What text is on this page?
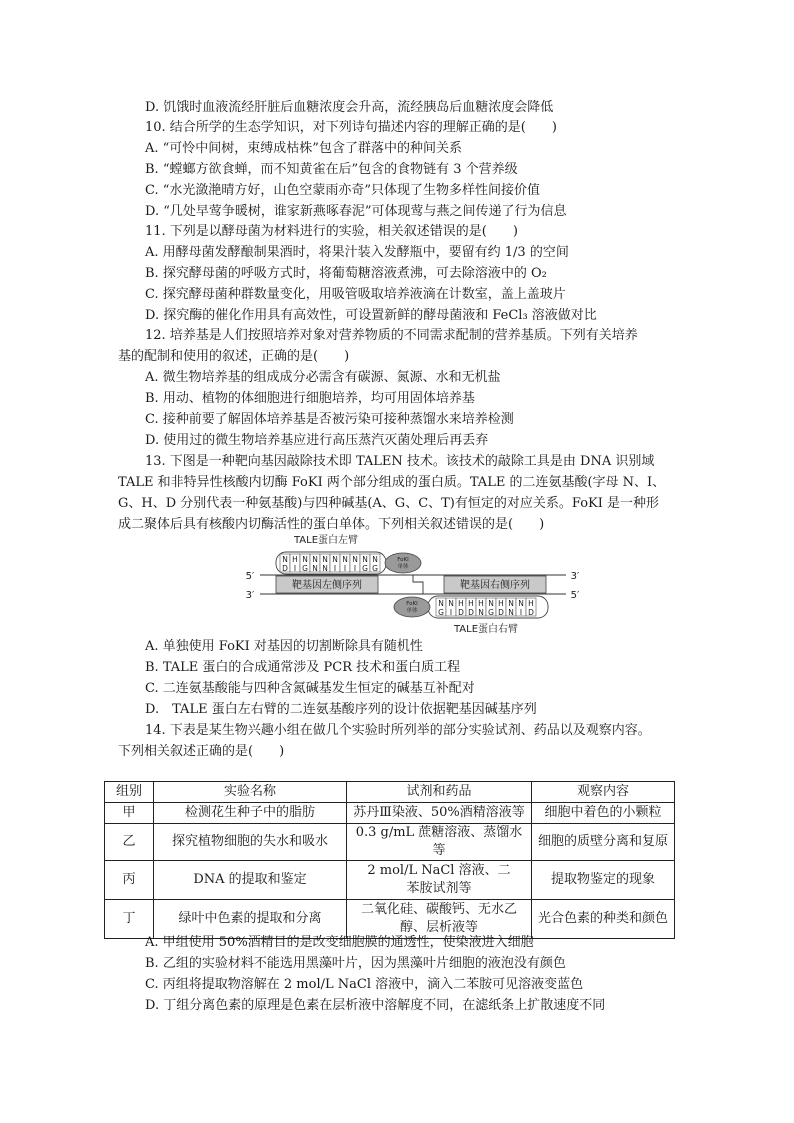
D. 饥饿时血液流经肝脏后血糖浓度会升高，流经胰岛后血糖浓度会降低
10. 结合所学的生态学知识，对下列诗句描述内容的理解正确的是(　　)
A. “可怜中间树，束缚成枯株”包含了群落中的种间关系
B. “螳螂方欲食蝉，而不知黄雀在后”包含的食物链有 3 个营养级
C. “水光潋滟晴方好，山色空蒙雨亦奇”只体现了生物多样性间接价值
D. “几处早莺争暖树，谁家新燕啄春泥”可体现莺与燕之间传递了行为信息
11. 下列是以酵母菌为材料进行的实验，相关叙述错误的是(　　)
A. 用酵母菌发酵酿制果酒时，将果汁装入发酵瓶中，要留有约 1/3 的空间
B. 探究酵母菌的呼吸方式时，将葡萄糖溶液煮沸，可去除溶液中的 O₂
C. 探究酵母菌种群数量变化，用吸管吸取培养液滴在计数室，盖上盖玻片
D. 探究酶的催化作用具有高效性，可设置新鲜的酵母菌液和 FeCl₃ 溶液做对比
12. 培养基是人们按照培养对象对营养物质的不同需求配制的营养基质。下列有关培养
基的配制和使用的叙述，正确的是(　　)
A. 微生物培养基的组成成分必需含有碳源、氮源、水和无机盐
B. 用动、植物的体细胞进行细胞培养，均可用固体培养基
C. 接种前要了解固体培养基是否被污染可接种蒸馏水来培养检测
D. 使用过的微生物培养基应进行高压蒸汽灭菌处理后再丢弃
13. 下图是一种靶向基因敲除技术即 TALEN 技术。该技术的敲除工具是由 DNA 识别域
TALE 和非特异性核酸内切酶 FoKI 两个部分组成的蛋白质。TALE 的二连氨基酸(字母 N、I、
G、H、D 分别代表一种氨基酸)与四种碱基(A、G、C、T)有恒定的对应关系。FoKI 是一种形
成二聚体后具有核酸内切酶活性的蛋白单体。下列相关叙述错误的是(　　)
TALE蛋白左臂
TALE蛋白右臂
N
D
H
I
N
G
N
N
N
N
N
I
N
I
N
I
N
G
N
G
N
G
N
I
H
D
H
D
H
N
N
G
H
D
N
N
N
I
H
D
FoKI
单体
FoKI
单体
靶基因左侧序列	靶基因右侧序列
5′
3′
3′
5′
A. 单独使用 FoKI 对基因的切割断除具有随机性
B. TALE 蛋白的合成通常涉及 PCR 技术和蛋白质工程
C. 二连氨基酸能与四种含氮碱基发生恒定的碱基互补配对
D.　TALE 蛋白左右臂的二连氨基酸序列的设计依据靶基因碱基序列
14. 下表是某生物兴趣小组在做几个实验时所列举的部分实验试剂、药品以及观察内容。
下列相关叙述正确的是(　　)
组别	实验名称	试剂和药品	观察内容
甲	检测花生种子中的脂肪	苏丹Ⅲ染液、50%酒精溶液等	细胞中着色的小颗粒
乙	探究植物细胞的失水和吸水	0.3 g/mL 蔗糖溶液、蒸馏水等	细胞的质壁分离和复原
丙	DNA 的提取和鉴定	2 mol/L NaCl 溶液、二苯胺试剂等	提取物鉴定的现象
丁	绿叶中色素的提取和分离	二氧化硅、碳酸钙、无水乙醇、层析液等	光合色素的种类和颜色
A. 甲组使用 50%酒精目的是改变细胞膜的通透性，使染液进入细胞
B. 乙组的实验材料不能选用黑藻叶片，因为黑藻叶片细胞的液泡没有颜色
C. 丙组将提取物溶解在 2 mol/L NaCl 溶液中，滴入二苯胺可见溶液变蓝色
D. 丁组分离色素的原理是色素在层析液中溶解度不同，在滤纸条上扩散速度不同
